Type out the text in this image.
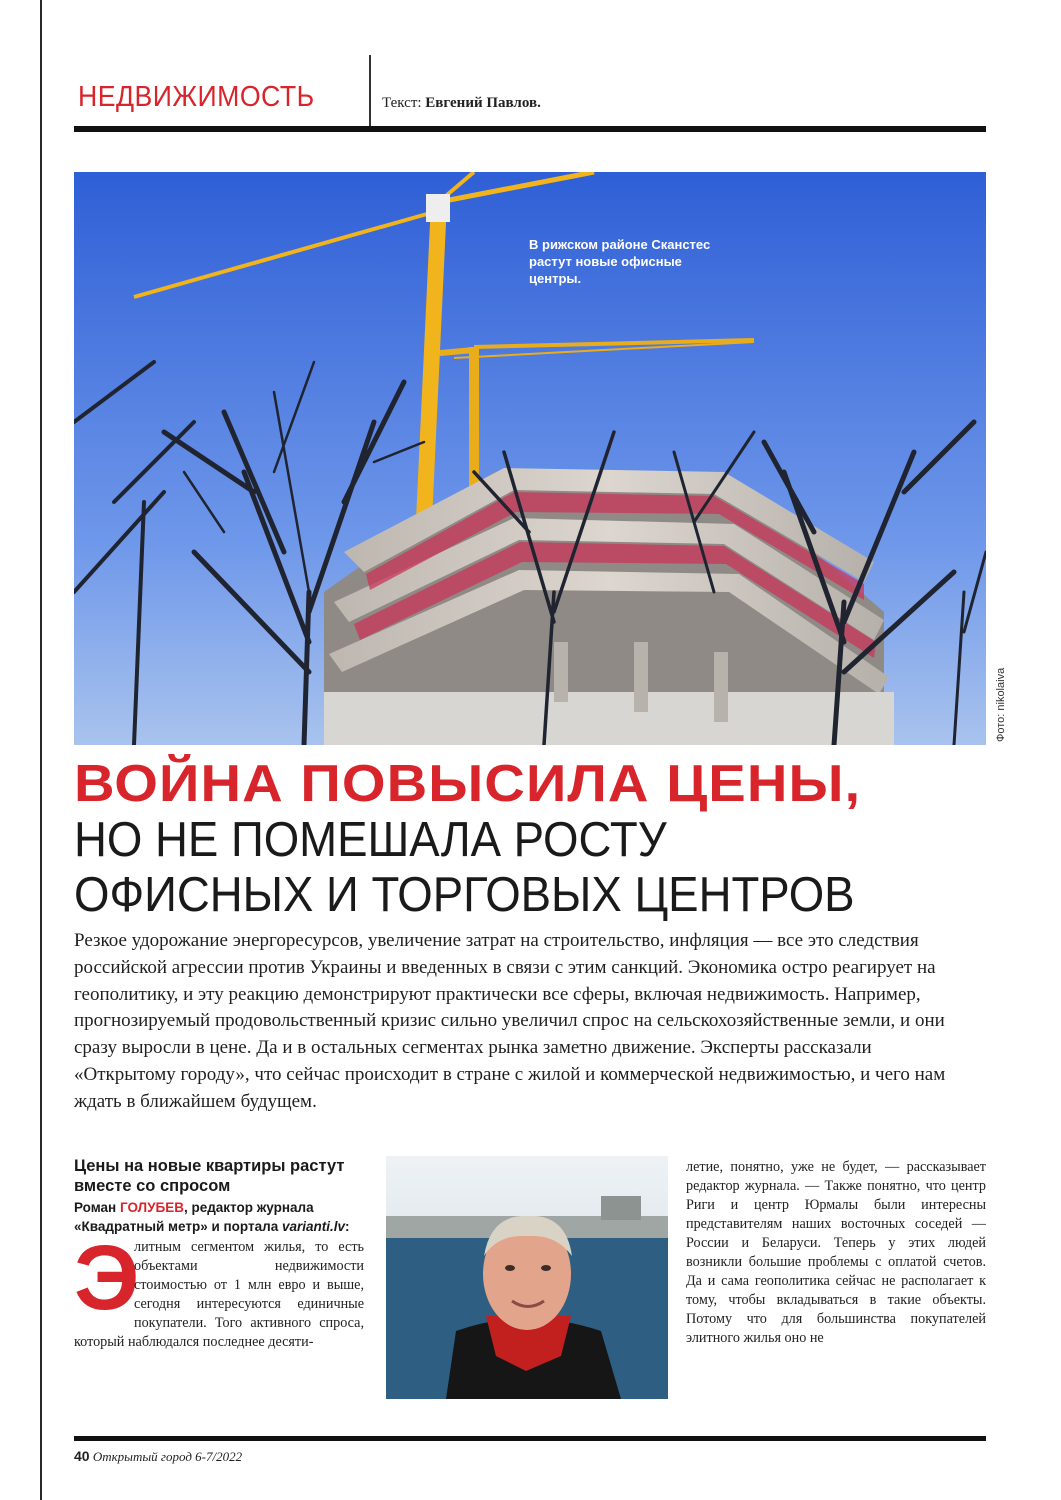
НЕДВИЖИМОСТЬ	Текст: Евгений Павлов.
В рижском районе Сканстес растут новые офисные центры.
Фото: nikolaiva
ВОЙНА ПОВЫСИЛА ЦЕНЫ,
НО НЕ ПОМЕШАЛА РОСТУ
ОФИСНЫХ И ТОРГОВЫХ ЦЕНТРОВ
Резкое удорожание энергоресурсов, увеличение затрат на строительство, инфляция — все это следствия российской агрессии против Украины и введенных в связи с этим санкций. Экономика остро реагирует на геополитику, и эту реакцию демонстрируют практически все сферы, включая недвижимость. Например, прогнозируемый продовольственный кризис сильно увеличил спрос на сельскохозяйственные земли, и они сразу выросли в цене. Да и в остальных сегментах рынка заметно движение. Эксперты рассказали «Открытому городу», что сейчас происходит в стране с жилой и коммерческой недвижимостью, и чего нам ждать в ближайшем будущем.
Цены на новые квартиры растут вместе со спросом
Роман ГОЛУБЕВ, редактор журнала «Квадратный метр» и портала varianti.lv:
Э
литным сегментом жилья, то есть объектами недвижимости стоимостью от 1 млн евро и выше, сегодня интересуются единичные покупатели. Того активного спроса, который наблюдался последнее десяти-
летие, понятно, уже не будет, — рассказывает редактор журнала. — Также понятно, что центр Риги и центр Юрмалы были интересны представителям наших восточных соседей — России и Беларуси. Теперь у этих людей возникли большие проблемы с оплатой счетов. Да и сама геополитика сейчас не располагает к тому, чтобы вкладываться в такие объекты. Потому что для большинства покупателей элитного жилья оно не
40 Открытый город 6-7/2022
